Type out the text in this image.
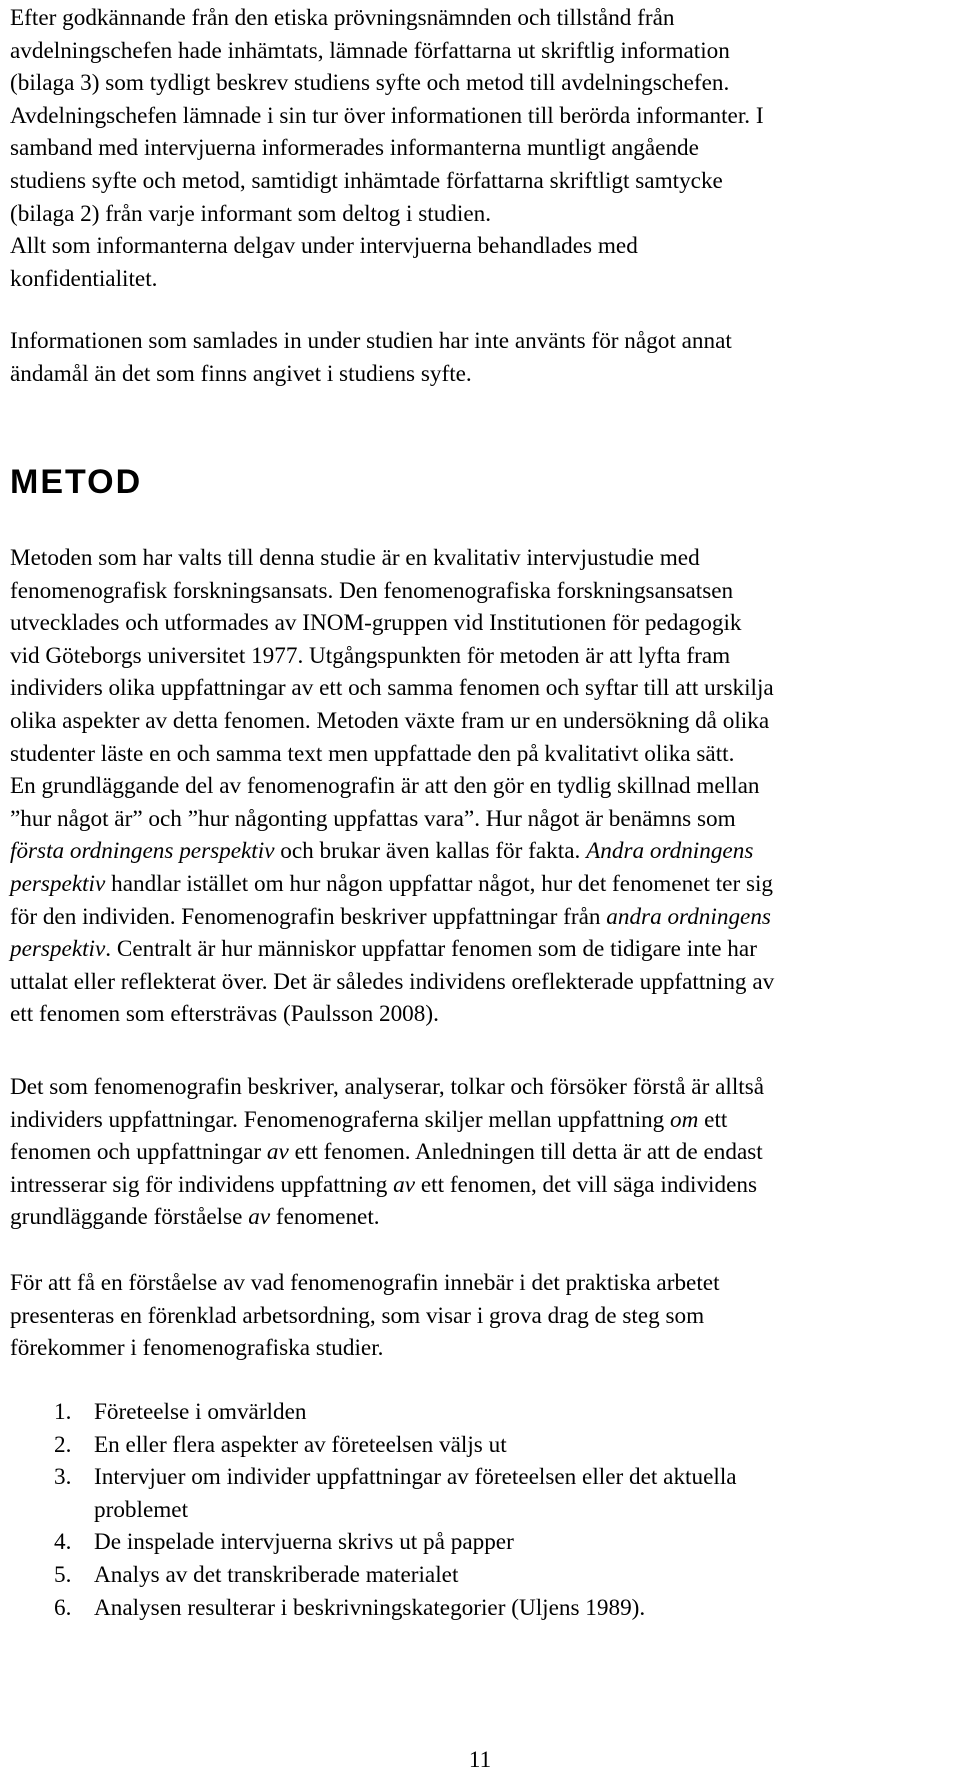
Efter godkännande från den etiska prövningsnämnden och tillstånd från
avdelningschefen hade inhämtats, lämnade författarna ut skriftlig information
(bilaga 3) som tydligt beskrev studiens syfte och metod till avdelningschefen.
Avdelningschefen lämnade i sin tur över informationen till berörda informanter. I
samband med intervjuerna informerades informanterna muntligt angående
studiens syfte och metod, samtidigt inhämtade författarna skriftligt samtycke
(bilaga 2) från varje informant som deltog i studien.
Allt som informanterna delgav under intervjuerna behandlades med
konfidentialitet.
Informationen som samlades in under studien har inte använts för något annat
ändamål än det som finns angivet i studiens syfte.
METOD
Metoden som har valts till denna studie är en kvalitativ intervjustudie med
fenomenografisk forskningsansats. Den fenomenografiska forskningsansatsen
utvecklades och utformades av INOM-gruppen vid Institutionen för pedagogik
vid Göteborgs universitet 1977. Utgångspunkten för metoden är att lyfta fram
individers olika uppfattningar av ett och samma fenomen och syftar till att urskilja
olika aspekter av detta fenomen. Metoden växte fram ur en undersökning då olika
studenter läste en och samma text men uppfattade den på kvalitativt olika sätt.
En grundläggande del av fenomenografin är att den gör en tydlig skillnad mellan
”hur något är” och ”hur någonting uppfattas vara”. Hur något är benämns som
första ordningens perspektiv och brukar även kallas för fakta. Andra ordningens
perspektiv handlar istället om hur någon uppfattar något, hur det fenomenet ter sig
för den individen. Fenomenografin beskriver uppfattningar från andra ordningens
perspektiv. Centralt är hur människor uppfattar fenomen som de tidigare inte har
uttalat eller reflekterat över. Det är således individens oreflekterade uppfattning av
ett fenomen som eftersträvas (Paulsson 2008).
Det som fenomenografin beskriver, analyserar, tolkar och försöker förstå är alltså
individers uppfattningar. Fenomenograferna skiljer mellan uppfattning om ett
fenomen och uppfattningar av ett fenomen. Anledningen till detta är att de endast
intresserar sig för individens uppfattning av ett fenomen, det vill säga individens
grundläggande förståelse av fenomenet.
För att få en förståelse av vad fenomenografin innebär i det praktiska arbetet
presenteras en förenklad arbetsordning, som visar i grova drag de steg som
förekommer i fenomenografiska studier.
1. Företeelse i omvärlden
2. En eller flera aspekter av företeelsen väljs ut
3. Intervjuer om individer uppfattningar av företeelsen eller det aktuella
problemet
4. De inspelade intervjuerna skrivs ut på papper
5. Analys av det transkriberade materialet
6. Analysen resulterar i beskrivningskategorier (Uljens 1989).
11
